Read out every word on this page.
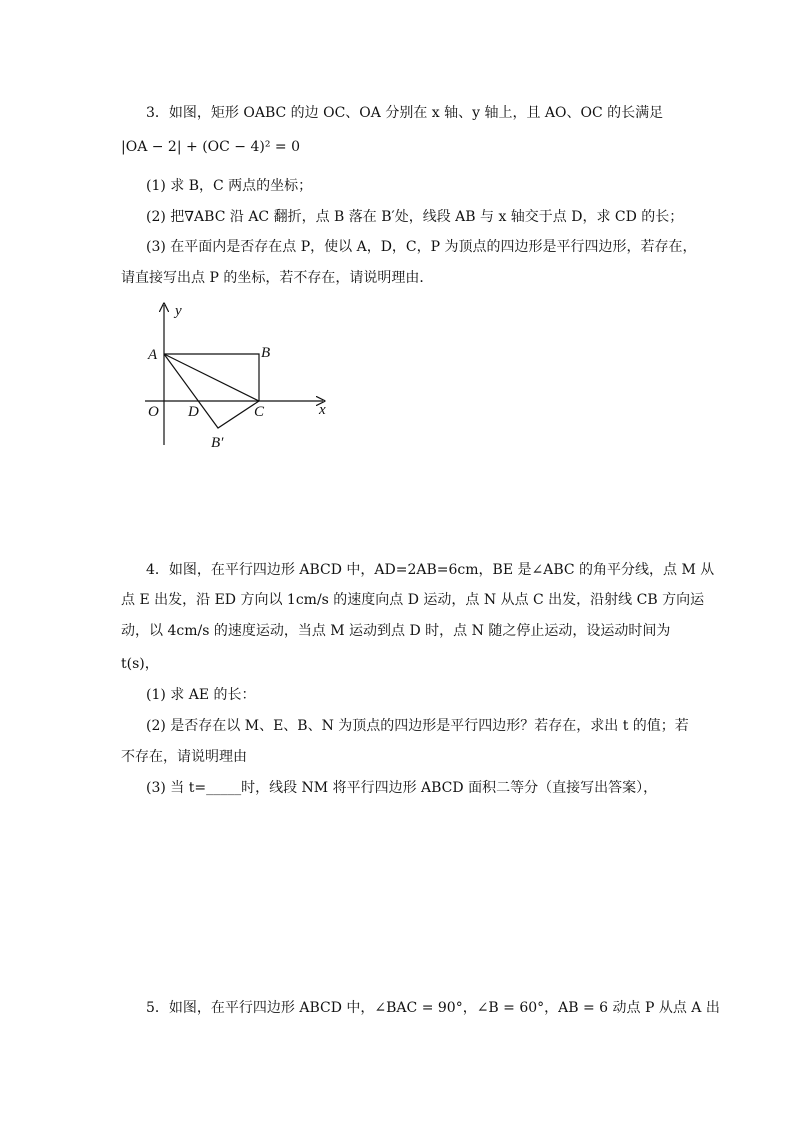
3．如图，矩形 OABC 的边 OC、OA 分别在 x 轴、y 轴上，且 AO、OC 的长满足
|OA − 2| + (OC − 4)² = 0
(1) 求 B，C 两点的坐标；
(2) 把∇ABC 沿 AC 翻折，点 B 落在 B′处，线段 AB 与 x 轴交于点 D，求 CD 的长；
(3) 在平面内是否存在点 P，使以 A，D，C，P 为顶点的四边形是平行四边形，若存在，
请直接写出点 P 的坐标，若不存在，请说明理由．
y
x
A	B
O D	C
B′
4．如图，在平行四边形 ABCD 中，AD=2AB=6cm，BE 是∠ABC 的角平分线，点 M 从
点 E 出发，沿 ED 方向以 1cm/s 的速度向点 D 运动，点 N 从点 C 出发，沿射线 CB 方向运
动，以 4cm/s 的速度运动，当点 M 运动到点 D 时，点 N 随之停止运动，设运动时间为
t(s)，
(1) 求 AE 的长：
(2) 是否存在以 M、E、B、N 为顶点的四边形是平行四边形？若存在，求出 t 的值；若
不存在，请说明理由
(3) 当 t=_____时，线段 NM 将平行四边形 ABCD 面积二等分（直接写出答案），
5．如图，在平行四边形 ABCD 中，∠BAC = 90°，∠B = 60°，AB = 6 动点 P 从点 A 出
